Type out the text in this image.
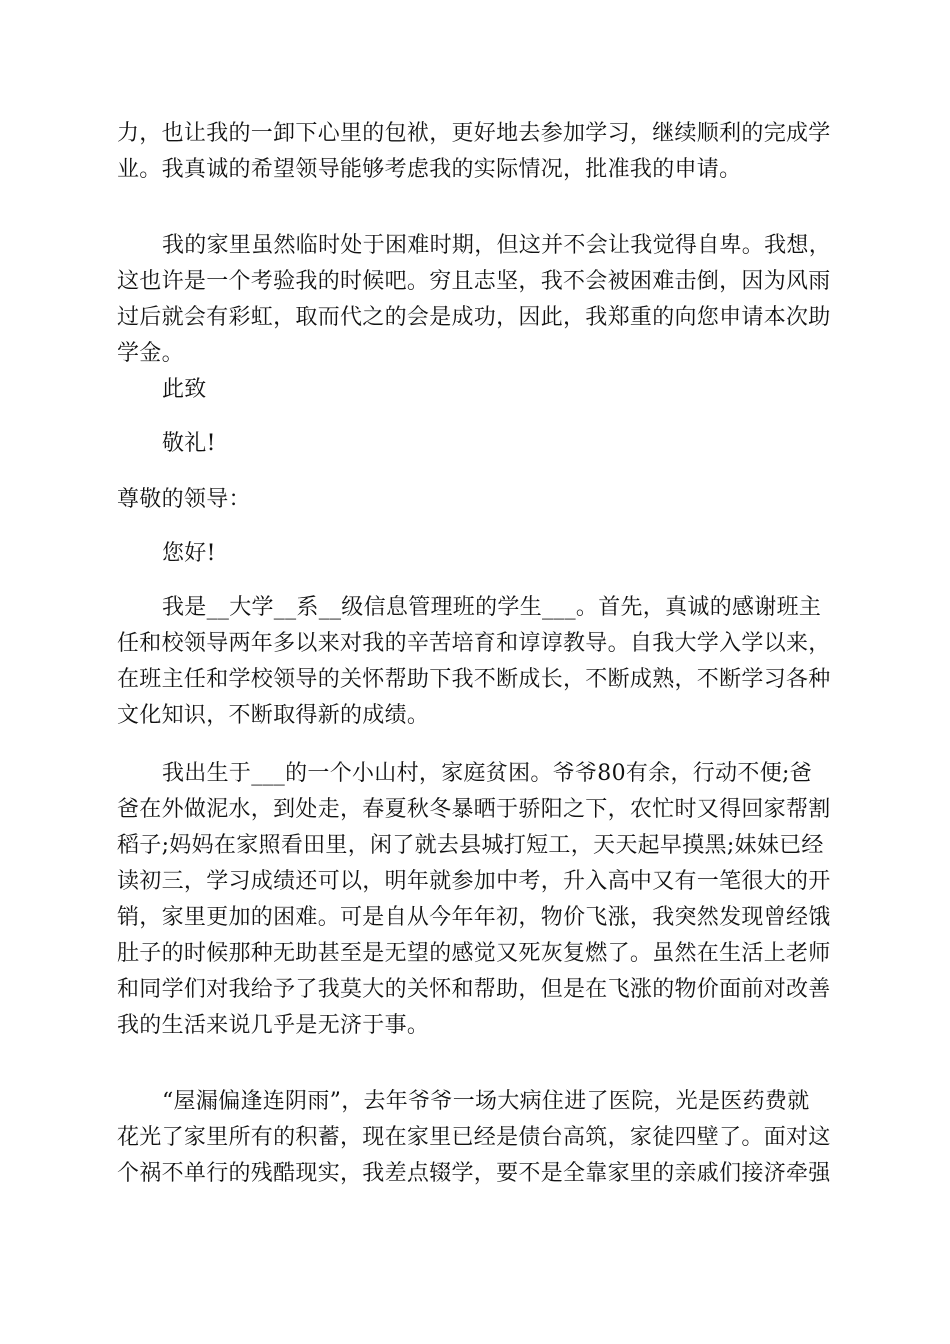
力，也让我的一卸下心里的包袱，更好地去参加学习，继续顺利的完成学
业。我真诚的希望领导能够考虑我的实际情况，批准我的申请。
我的家里虽然临时处于困难时期，但这并不会让我觉得自卑。我想，
这也许是一个考验我的时候吧。穷且志坚，我不会被困难击倒，因为风雨
过后就会有彩虹，取而代之的会是成功，因此，我郑重的向您申请本次助
学金。
此致
敬礼!
尊敬的领导：
您好!
我是__大学__系__级信息管理班的学生___。首先，真诚的感谢班主
任和校领导两年多以来对我的辛苦培育和谆谆教导。自我大学入学以来，
在班主任和学校领导的关怀帮助下我不断成长，不断成熟，不断学习各种
文化知识，不断取得新的成绩。
我出生于___的一个小山村，家庭贫困。爷爷80有余，行动不便;爸
爸在外做泥水，到处走，春夏秋冬暴晒于骄阳之下，农忙时又得回家帮割
稻子;妈妈在家照看田里，闲了就去县城打短工，天天起早摸黑;妹妹已经
读初三，学习成绩还可以，明年就参加中考，升入高中又有一笔很大的开
销，家里更加的困难。可是自从今年年初，物价飞涨，我突然发现曾经饿
肚子的时候那种无助甚至是无望的感觉又死灰复燃了。虽然在生活上老师
和同学们对我给予了我莫大的关怀和帮助，但是在飞涨的物价面前对改善
我的生活来说几乎是无济于事。
“屋漏偏逢连阴雨”，去年爷爷一场大病住进了医院，光是医药费就
花光了家里所有的积蓄，现在家里已经是债台高筑，家徒四壁了。面对这
个祸不单行的残酷现实，我差点辍学，要不是全靠家里的亲戚们接济牵强
